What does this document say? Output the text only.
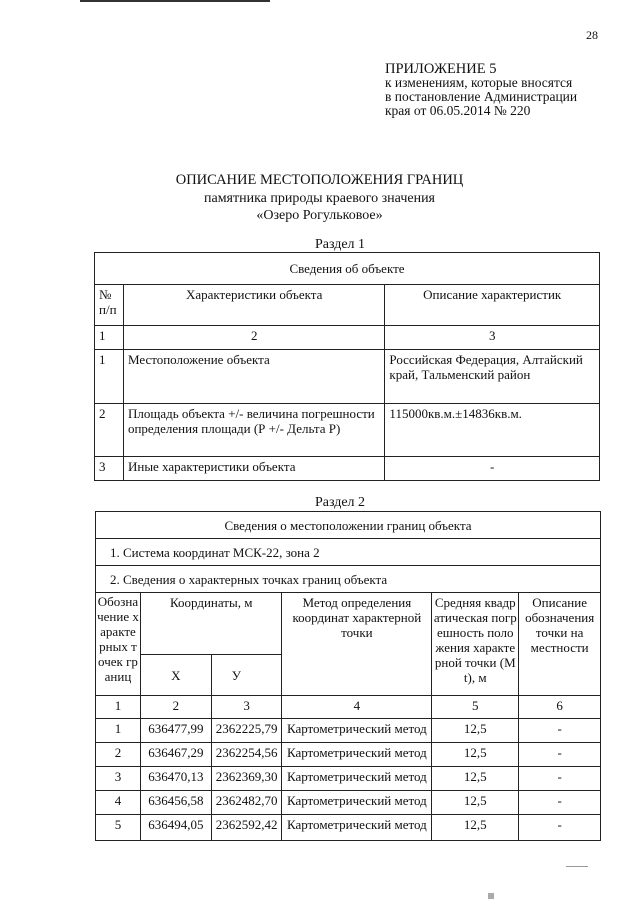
28
ПРИЛОЖЕНИЕ 5
к изменениям, которые вносятся
в постановление Администрации
края от 06.05.2014 № 220
ОПИСАНИЕ МЕСТОПОЛОЖЕНИЯ ГРАНИЦ
памятника природы краевого значения
«Озеро Рогульковое»
Раздел 1
Сведения об объекте		
№ п/п	Характеристики объекта	Описание характеристик
1	2	3
1	Местоположение объекта	Российская Федерация, Алтайский край, Тальменский район
2	Площадь объекта +/- величина погрешности определения площади (Р +/- Дельта Р)	115000кв.м.±14836кв.м.
3	Иные характеристики объекта	-
Раздел 2
Сведения о местоположении границ объекта					
1. Система координат МСК-22, зона 2					
2. Сведения о характерных точках границ объекта					
Обозначение характерных точек границ	Координаты, м		Метод определения координат характерной точки	Средняя квадратическая погрешность положения характерной точки (Mt), м	Описание обозначения точки на местности
	X	У			
1	2	3	4	5	6
1	636477,99	2362225,79	Картометрический метод	12,5	-
2	636467,29	2362254,56	Картометрический метод	12,5	-
3	636470,13	2362369,30	Картометрический метод	12,5	-
4	636456,58	2362482,70	Картометрический метод	12,5	-
5	636494,05	2362592,42	Картометрический метод	12,5	-
